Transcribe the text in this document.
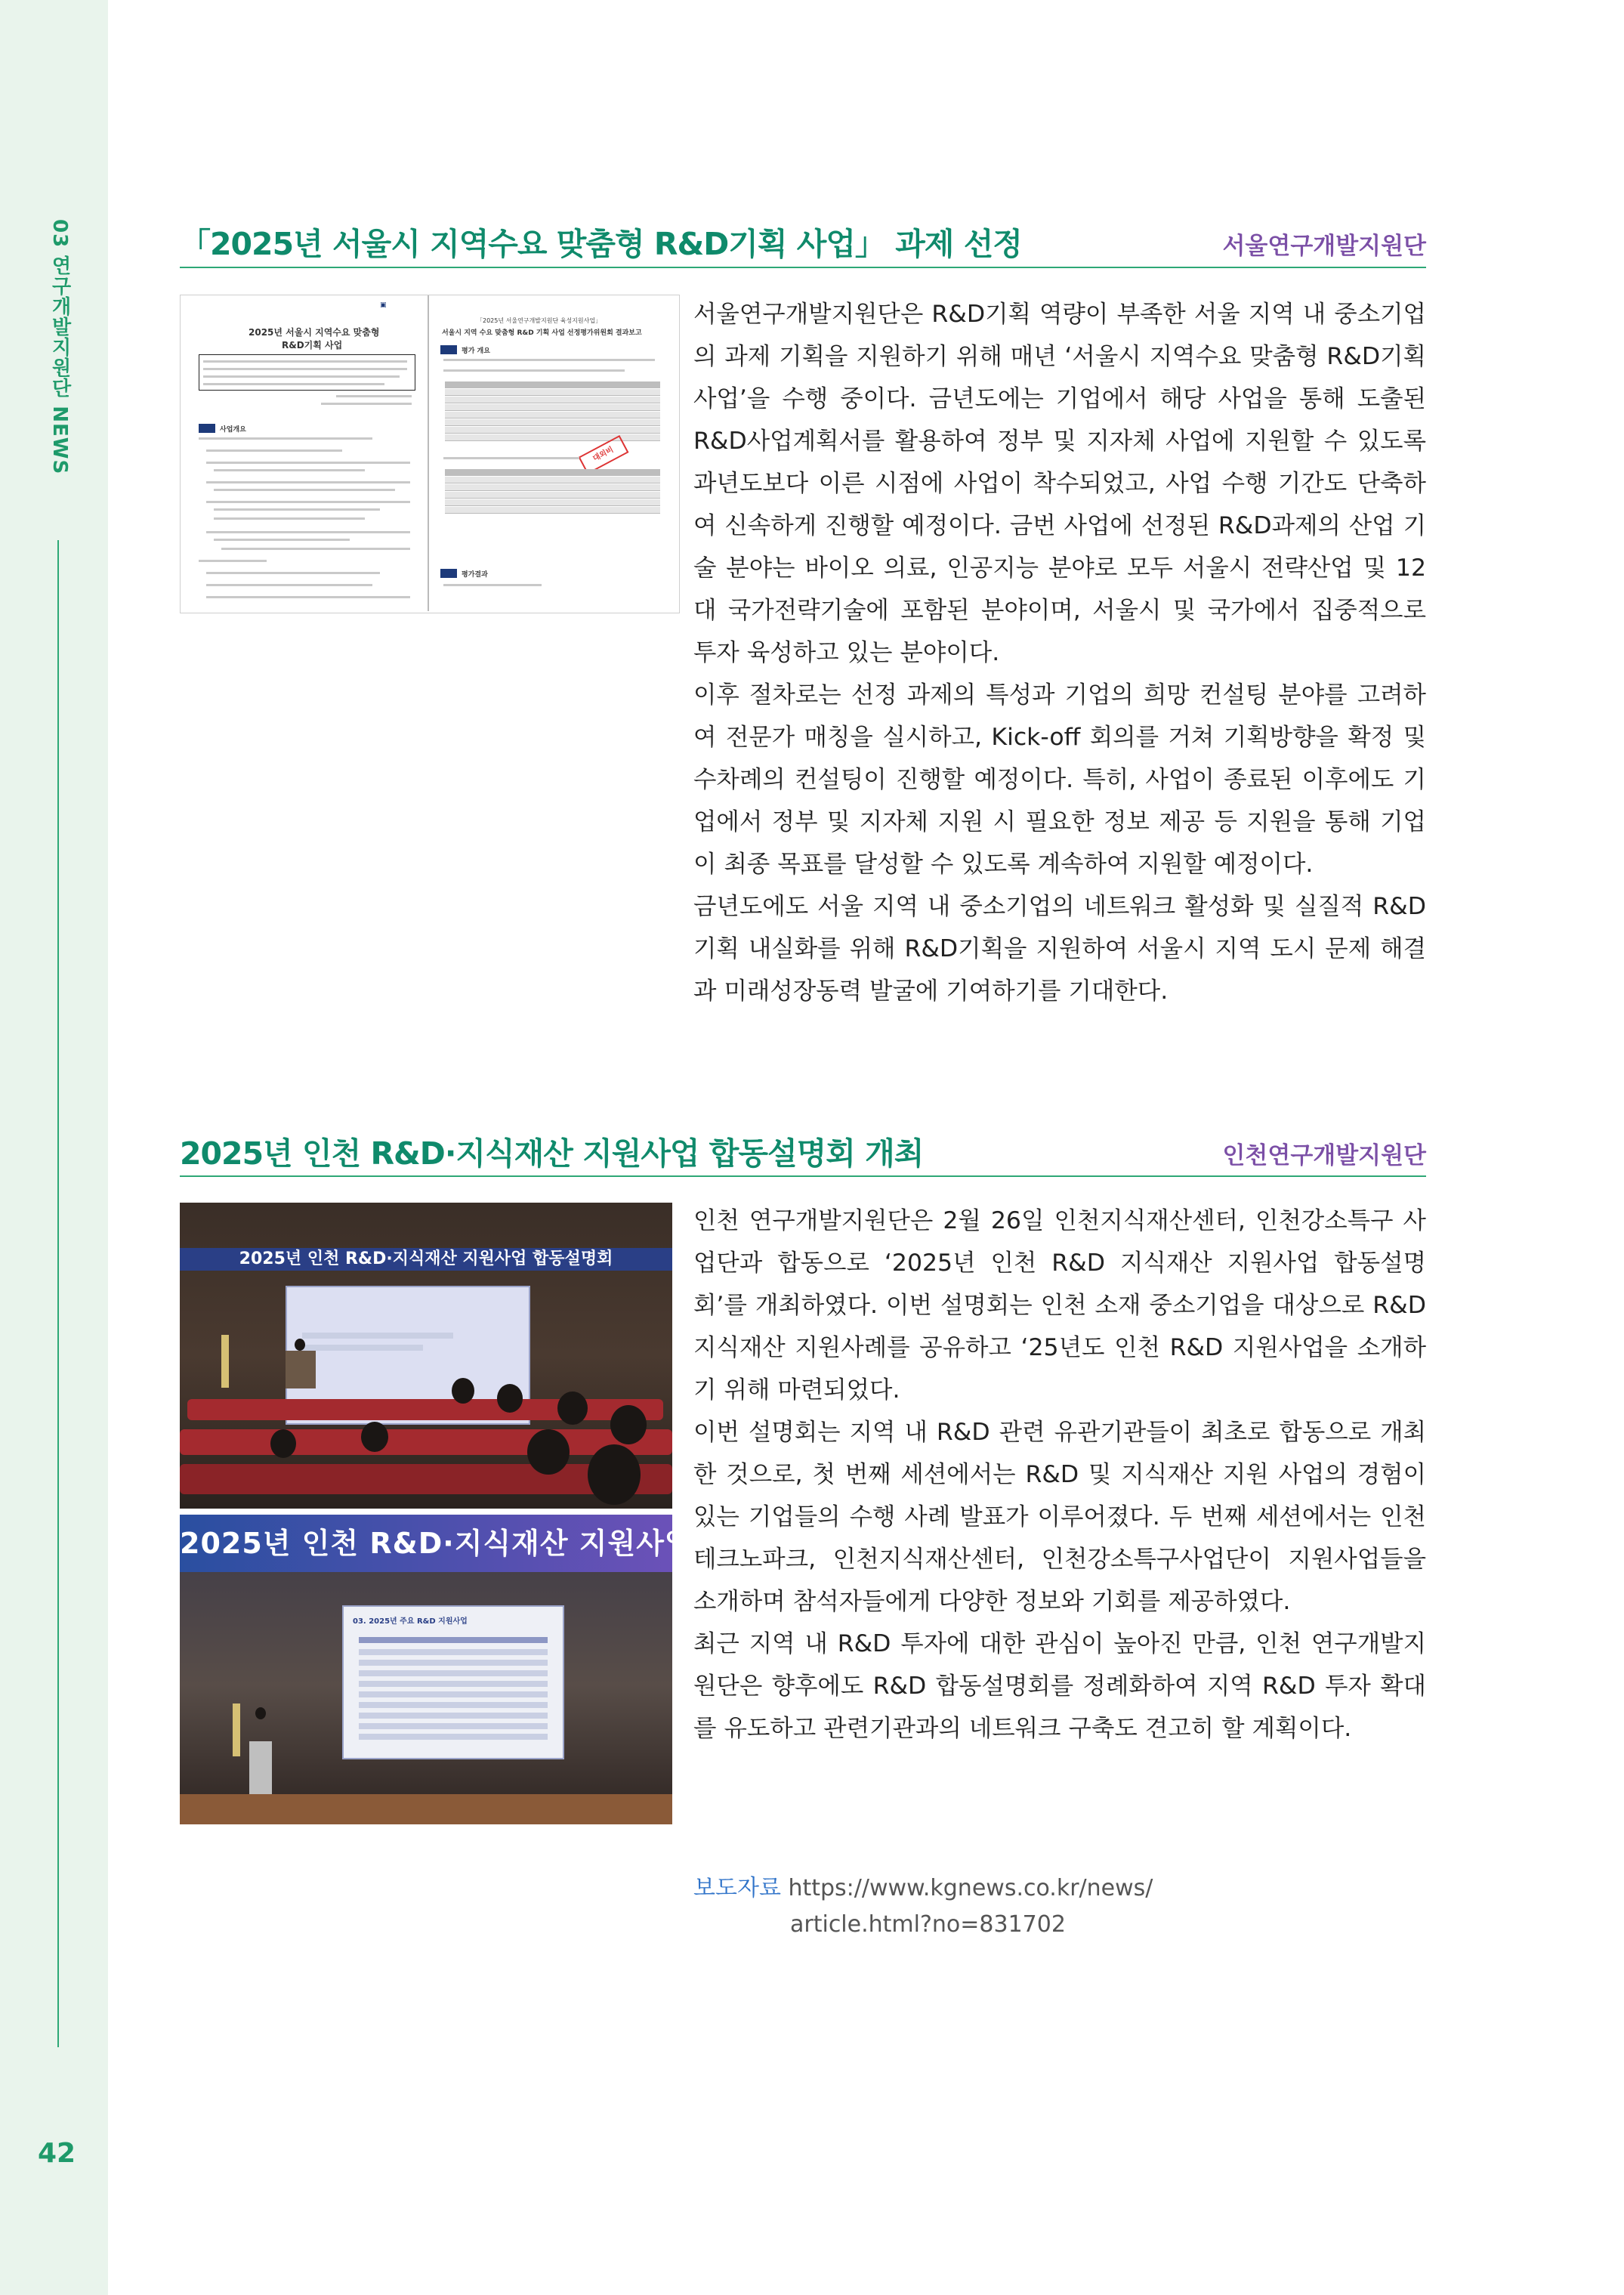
03 연구개발지원단 NEWS
42
「2025년 서울시 지역수요 맞춤형 R&D기획 사업」 과제 선정	서울연구개발지원단
▣
2025년 서울시 지역수요 맞춤형
R&D기획 사업
사업개요
「2025년 서울연구개발지원단 육성지원사업」
서울시 지역 수요 맞춤형 R&D 기획 사업 선정평가위원회 결과보고
평가 개요
대외비
평가결과

서울연구개발지원단은 R&D기획 역량이 부족한 서울 지역 내 중소기업의 과제 기획을 지원하기 위해 매년 ‘서울시 지역수요 맞춤형 R&D기획 사업’을 수행 중이다. 금년도에는 기업에서 해당 사업을 통해 도출된 R&D사업계획서를 활용하여 정부 및 지자체 사업에 지원할 수 있도록 과년도보다 이른 시점에 사업이 착수되었고, 사업 수행 기간도 단축하여 신속하게 진행할 예정이다. 금번 사업에 선정된 R&D과제의 산업 기술 분야는 바이오 의료, 인공지능 분야로 모두 서울시 전략산업 및 12대 국가전략기술에 포함된 분야이며, 서울시 및 국가에서 집중적으로 투자 육성하고 있는 분야이다.

이후 절차로는 선정 과제의 특성과 기업의 희망 컨설팅 분야를 고려하여 전문가 매칭을 실시하고, Kick-off 회의를 거쳐 기획방향을 확정 및 수차례의 컨설팅이 진행할 예정이다. 특히, 사업이 종료된 이후에도 기업에서 정부 및 지자체 지원 시 필요한 정보 제공 등 지원을 통해 기업이 최종 목표를 달성할 수 있도록 계속하여 지원할 예정이다.

금년도에도 서울 지역 내 중소기업의 네트워크 활성화 및 실질적 R&D기획 내실화를 위해 R&D기획을 지원하여 서울시 지역 도시 문제 해결과 미래성장동력 발굴에 기여하기를 기대한다.

2025년 인천 R&D·지식재산 지원사업 합동설명회 개최	인천연구개발지원단
2025년 인천 R&D·지식재산 지원사업 합동설명회
2025년 인천 R&D·지식재산 지원사업 합동설명회
03. 2025년 주요 R&D 지원사업

인천 연구개발지원단은 2월 26일 인천지식재산센터, 인천강소특구 사업단과 합동으로 ‘2025년 인천 R&D 지식재산 지원사업 합동설명회’를 개최하였다. 이번 설명회는 인천 소재 중소기업을 대상으로 R&D 지식재산 지원사례를 공유하고 ‘25년도 인천 R&D 지원사업을 소개하기 위해 마련되었다.

이번 설명회는 지역 내 R&D 관련 유관기관들이 최초로 합동으로 개최한 것으로, 첫 번째 세션에서는 R&D 및 지식재산 지원 사업의 경험이 있는 기업들의 수행 사례 발표가 이루어졌다. 두 번째 세션에서는 인천테크노파크, 인천지식재산센터, 인천강소특구사업단이 지원사업들을 소개하며 참석자들에게 다양한 정보와 기회를 제공하였다.

최근 지역 내 R&D 투자에 대한 관심이 높아진 만큼, 인천 연구개발지원단은 향후에도 R&D 합동설명회를 정례화하여 지역 R&D 투자 확대를 유도하고 관련기관과의 네트워크 구축도 견고히 할 계획이다.

보도자료 https://www.kgnews.co.kr/news/
article.html?no=831702
